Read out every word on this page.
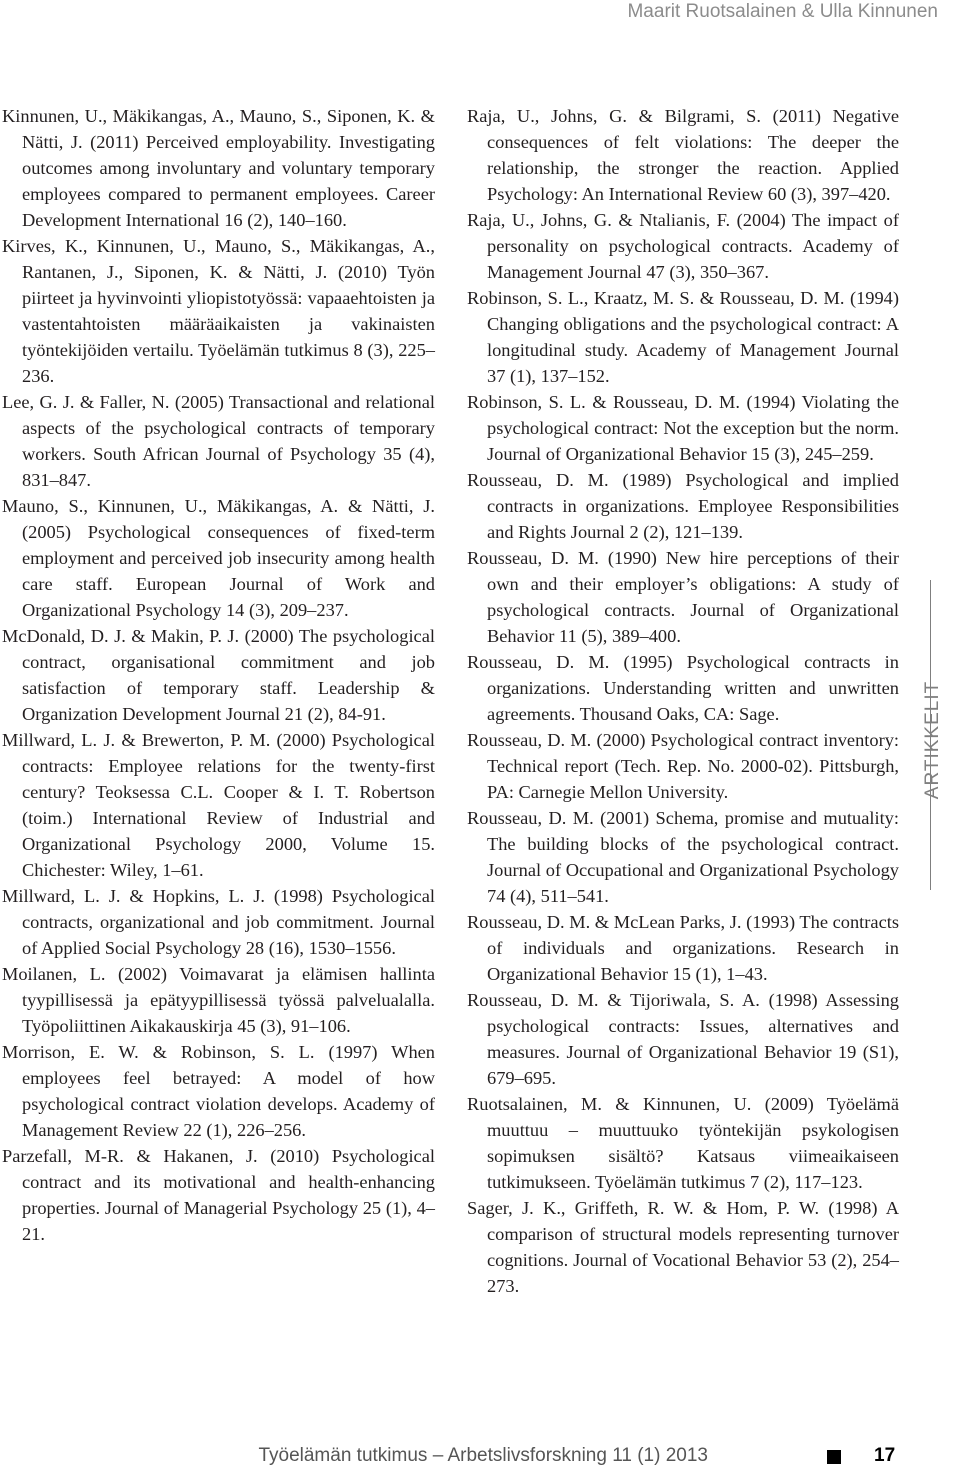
Maarit Ruotsalainen & Ulla Kinnunen

Kinnunen, U., Mäkikangas, A., Mauno, S., Siponen, K. & Nätti, J. (2011) Perceived employability. Investigating outcomes among involuntary and voluntary temporary employees compared to permanent employees. Career Development International 16 (2), 140–160.

Kirves, K., Kinnunen, U., Mauno, S., Mäkikangas, A., Rantanen, J., Siponen, K. & Nätti, J. (2010) Työn piirteet ja hyvinvointi yliopistotyössä: vapaaehtoisten ja vastentahtoisten määräaikaisten ja vakinaisten työntekijöiden vertailu. Työelämän tutkimus 8 (3), 225–236.

Lee, G. J. & Faller, N. (2005) Transactional and relational aspects of the psychological contracts of temporary workers. South African Journal of Psychology 35 (4), 831–847.

Mauno, S., Kinnunen, U., Mäkikangas, A. & Nätti, J. (2005) Psychological consequences of fixed-term employment and perceived job insecurity among health care staff. European Journal of Work and Organizational Psychology 14 (3), 209–237.

McDonald, D. J. & Makin, P. J. (2000) The psychological contract, organisational commitment and job satisfaction of temporary staff. Leadership & Organization Development Journal 21 (2), 84-91.

Millward, L. J. & Brewerton, P. M. (2000) Psychological contracts: Employee relations for the twenty-first century? Teoksessa C.L. Cooper & I. T. Robertson (toim.) International Review of Industrial and Organizational Psychology 2000, Volume 15. Chichester: Wiley, 1–61.

Millward, L. J. & Hopkins, L. J. (1998) Psychological contracts, organizational and job commitment. Journal of Applied Social Psychology 28 (16), 1530–1556.

Moilanen, L. (2002) Voimavarat ja elämisen hallinta tyypillisessä ja epätyypillisessä työssä palvelualalla. Työpoliittinen Aikakauskirja 45 (3), 91–106.

Morrison, E. W. & Robinson, S. L. (1997) When employees feel betrayed: A model of how psychological contract violation develops. Academy of Management Review 22 (1), 226–256.

Parzefall, M-R. & Hakanen, J. (2010) Psychological contract and its motivational and health-enhancing properties. Journal of Managerial Psychology 25 (1), 4–21.

Raja, U., Johns, G. & Bilgrami, S. (2011) Negative consequences of felt violations: The deeper the relationship, the stronger the reaction. Applied Psychology: An International Review 60 (3), 397–420.

Raja, U., Johns, G. & Ntalianis, F. (2004) The impact of personality on psychological contracts. Academy of Management Journal 47 (3), 350–367.

Robinson, S. L., Kraatz, M. S. & Rousseau, D. M. (1994) Changing obligations and the psychological contract: A longitudinal study. Academy of Management Journal 37 (1), 137–152.

Robinson, S. L. & Rousseau, D. M. (1994) Violating the psychological contract: Not the exception but the norm. Journal of Organizational Behavior 15 (3), 245–259.

Rousseau, D. M. (1989) Psychological and implied contracts in organizations. Employee Responsibilities and Rights Journal 2 (2), 121–139.

Rousseau, D. M. (1990) New hire perceptions of their own and their employer’s obligations: A study of psychological contracts. Journal of Organizational Behavior 11 (5), 389–400.

Rousseau, D. M. (1995) Psychological contracts in organizations. Understanding written and unwritten agreements. Thousand Oaks, CA: Sage.

Rousseau, D. M. (2000) Psychological contract inventory: Technical report (Tech. Rep. No. 2000-02). Pittsburgh, PA: Carnegie Mellon University.

Rousseau, D. M. (2001) Schema, promise and mutuality: The building blocks of the psychological contract. Journal of Occupational and Organizational Psychology 74 (4), 511–541.

Rousseau, D. M. & McLean Parks, J. (1993) The contracts of individuals and organizations. Research in Organizational Behavior 15 (1), 1–43.

Rousseau, D. M. & Tijoriwala, S. A. (1998) Assessing psychological contracts: Issues, alternatives and measures. Journal of Organizational Behavior 19 (S1), 679–695.

Ruotsalainen, M. & Kinnunen, U. (2009) Työelämä muuttuu – muuttuuko työntekijän psykologisen sopimuksen sisältö? Katsaus viimeaikaiseen tutkimukseen. Työelämän tutkimus 7 (2), 117–123.

Sager, J. K., Griffeth, R. W. & Hom, P. W. (1998) A comparison of structural models representing turnover cognitions. Journal of Vocational Behavior 53 (2), 254–273.

ARTIKKELIT
Työelämän tutkimus – Arbetslivsforskning 11 (1) 2013	17
